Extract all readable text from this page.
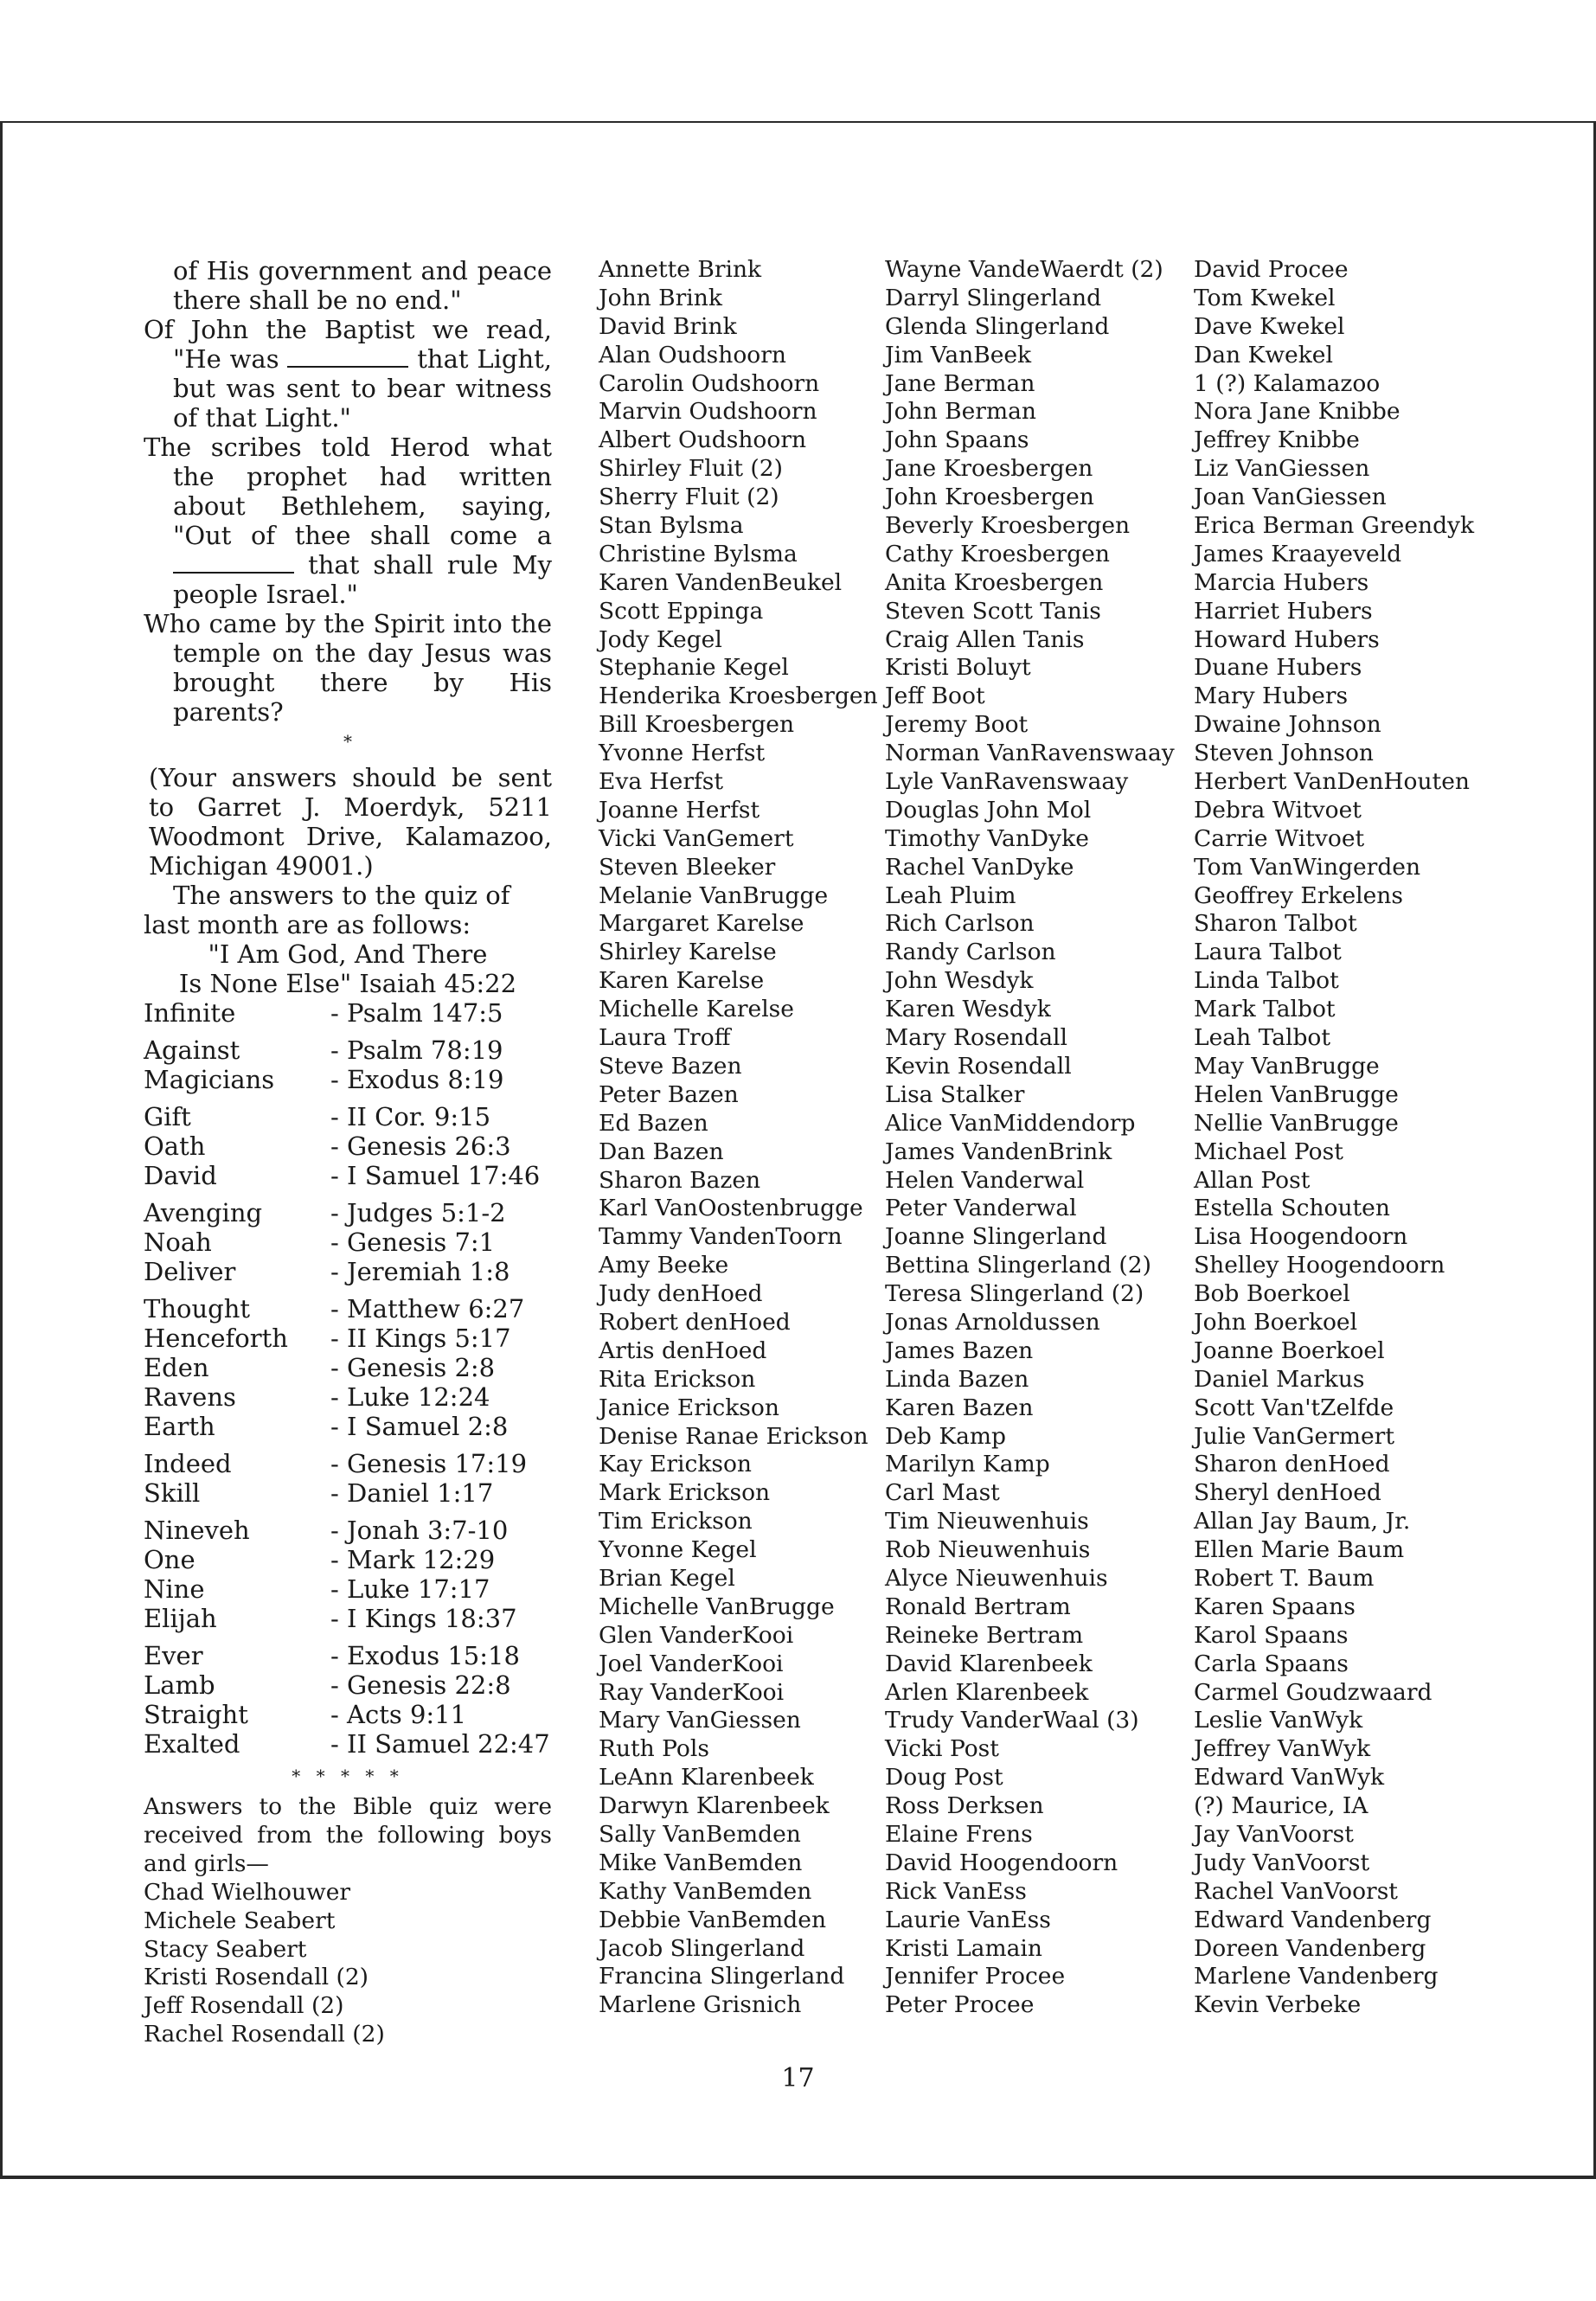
of His government and peace there shall be no end."
Of John the Baptist we read, "He was	that Light, but was sent to bear witness of that Light."
The scribes told Herod what the prophet had written about Bethlehem, saying, "Out of thee shall come a  that shall rule My people Israel."
Who came by the Spirit into the temple on the day Jesus was brought there by His parents?
*
(Your answers should be sent to Garret J. Moerdyk, 5211 Woodmont Drive, Kalamazoo, Michigan 49001.)
The answers to the quiz of last month are as follows:
"I Am God, And There
Is None Else" Isaiah 45:22
Infinite	- Psalm 147:5
Against	- Psalm 78:19
Magicians	- Exodus 8:19
Gift	- II Cor. 9:15
Oath	- Genesis 26:3
David	- I Samuel 17:46
Avenging	- Judges 5:1-2
Noah	- Genesis 7:1
Deliver	- Jeremiah 1:8
Thought	- Matthew 6:27
Henceforth	- II Kings 5:17
Eden	- Genesis 2:8
Ravens	- Luke 12:24
Earth	- I Samuel 2:8
Indeed	- Genesis 17:19
Skill	- Daniel 1:17
Nineveh	- Jonah 3:7-10
One	- Mark 12:29
Nine	- Luke 17:17
Elijah	- I Kings 18:37
Ever	- Exodus 15:18
Lamb	- Genesis 22:8
Straight	- Acts 9:11
Exalted	- II Samuel 22:47
* * * * *
Answers to the Bible quiz were received from the following boys and girls—
Chad Wielhouwer
Michele Seabert
Stacy Seabert
Kristi Rosendall (2)
Jeff Rosendall (2)
Rachel Rosendall (2)
Annette Brink
John Brink
David Brink
Alan Oudshoorn
Carolin Oudshoorn
Marvin Oudshoorn
Albert Oudshoorn
Shirley Fluit (2)
Sherry Fluit (2)
Stan Bylsma
Christine Bylsma
Karen VandenBeukel
Scott Eppinga
Jody Kegel
Stephanie Kegel
Henderika Kroesbergen
Bill Kroesbergen
Yvonne Herfst
Eva Herfst
Joanne Herfst
Vicki VanGemert
Steven Bleeker
Melanie VanBrugge
Margaret Karelse
Shirley Karelse
Karen Karelse
Michelle Karelse
Laura Troff
Steve Bazen
Peter Bazen
Ed Bazen
Dan Bazen
Sharon Bazen
Karl VanOostenbrugge
Tammy VandenToorn
Amy Beeke
Judy denHoed
Robert denHoed
Artis denHoed
Rita Erickson
Janice Erickson
Denise Ranae Erickson
Kay Erickson
Mark Erickson
Tim Erickson
Yvonne Kegel
Brian Kegel
Michelle VanBrugge
Glen VanderKooi
Joel VanderKooi
Ray VanderKooi
Mary VanGiessen
Ruth Pols
LeAnn Klarenbeek
Darwyn Klarenbeek
Sally VanBemden
Mike VanBemden
Kathy VanBemden
Debbie VanBemden
Jacob Slingerland
Francina Slingerland
Marlene Grisnich
Wayne VandeWaerdt (2)
Darryl Slingerland
Glenda Slingerland
Jim VanBeek
Jane Berman
John Berman
John Spaans
Jane Kroesbergen
John Kroesbergen
Beverly Kroesbergen
Cathy Kroesbergen
Anita Kroesbergen
Steven Scott Tanis
Craig Allen Tanis
Kristi Boluyt
Jeff Boot
Jeremy Boot
Norman VanRavenswaay
Lyle VanRavenswaay
Douglas John Mol
Timothy VanDyke
Rachel VanDyke
Leah Pluim
Rich Carlson
Randy Carlson
John Wesdyk
Karen Wesdyk
Mary Rosendall
Kevin Rosendall
Lisa Stalker
Alice VanMiddendorp
James VandenBrink
Helen Vanderwal
Peter Vanderwal
Joanne Slingerland
Bettina Slingerland (2)
Teresa Slingerland (2)
Jonas Arnoldussen
James Bazen
Linda Bazen
Karen Bazen
Deb Kamp
Marilyn Kamp
Carl Mast
Tim Nieuwenhuis
Rob Nieuwenhuis
Alyce Nieuwenhuis
Ronald Bertram
Reineke Bertram
David Klarenbeek
Arlen Klarenbeek
Trudy VanderWaal (3)
Vicki Post
Doug Post
Ross Derksen
Elaine Frens
David Hoogendoorn
Rick VanEss
Laurie VanEss
Kristi Lamain
Jennifer Procee
Peter Procee
David Procee
Tom Kwekel
Dave Kwekel
Dan Kwekel
1 (?) Kalamazoo
Nora Jane Knibbe
Jeffrey Knibbe
Liz VanGiessen
Joan VanGiessen
Erica Berman Greendyk
James Kraayeveld
Marcia Hubers
Harriet Hubers
Howard Hubers
Duane Hubers
Mary Hubers
Dwaine Johnson
Steven Johnson
Herbert VanDenHouten
Debra Witvoet
Carrie Witvoet
Tom VanWingerden
Geoffrey Erkelens
Sharon Talbot
Laura Talbot
Linda Talbot
Mark Talbot
Leah Talbot
May VanBrugge
Helen VanBrugge
Nellie VanBrugge
Michael Post
Allan Post
Estella Schouten
Lisa Hoogendoorn
Shelley Hoogendoorn
Bob Boerkoel
John Boerkoel
Joanne Boerkoel
Daniel Markus
Scott Van'tZelfde
Julie VanGermert
Sharon denHoed
Sheryl denHoed
Allan Jay Baum, Jr.
Ellen Marie Baum
Robert T. Baum
Karen Spaans
Karol Spaans
Carla Spaans
Carmel Goudzwaard
Leslie VanWyk
Jeffrey VanWyk
Edward VanWyk
(?) Maurice, IA
Jay VanVoorst
Judy VanVoorst
Rachel VanVoorst
Edward Vandenberg
Doreen Vandenberg
Marlene Vandenberg
Kevin Verbeke
17
